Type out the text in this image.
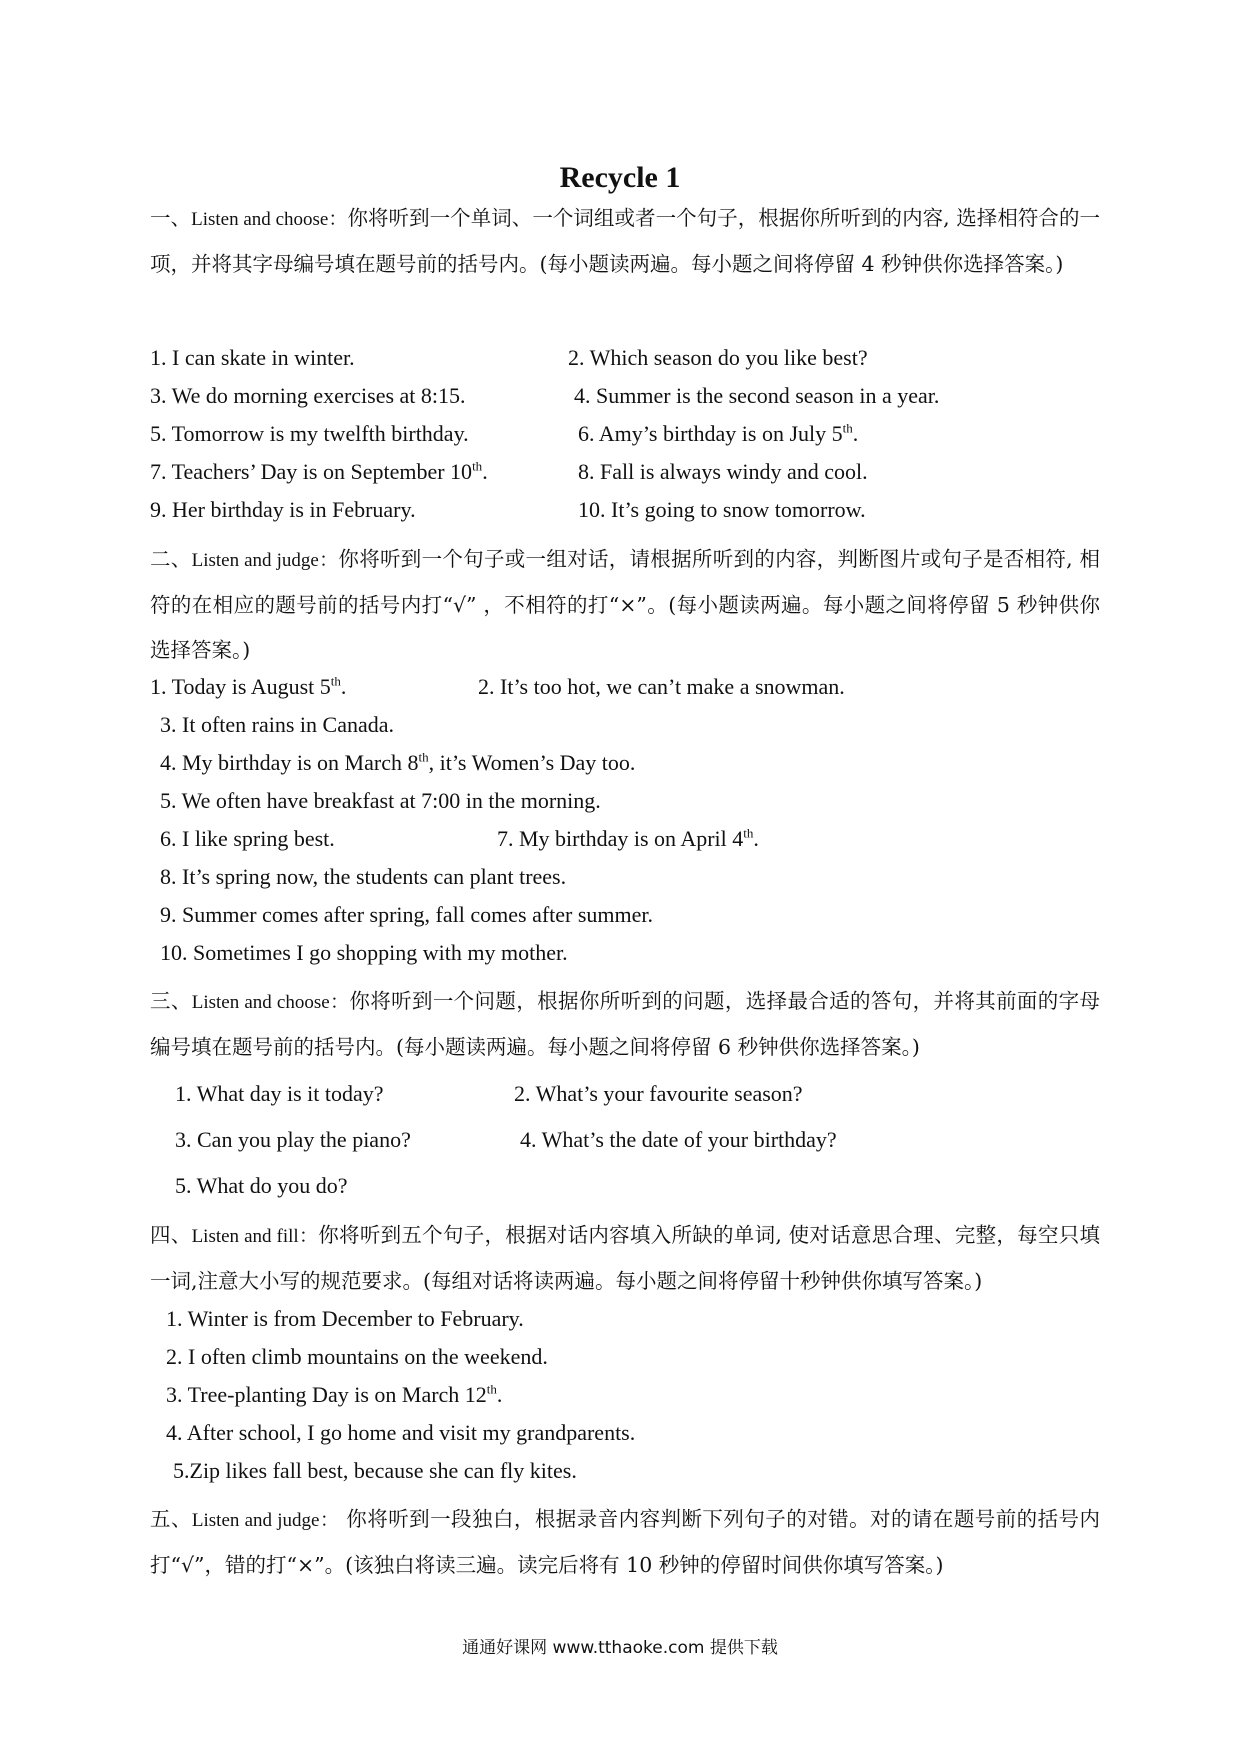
Recycle 1
一、Listen and choose：你将听到一个单词、一个词组或者一个句子，根据你所听到的内容, 选择相符合的一项，并将其字母编号填在题号前的括号内。(每小题读两遍。每小题之间将停留 4 秒钟供你选择答案。)
1. I can skate in winter.	2. Which season do you like best?
3. We do morning exercises at 8:15.	4. Summer is the second season in a year.
5. Tomorrow is my twelfth birthday.	6. Amy’s birthday is on July 5th.
7. Teachers’ Day is on September 10th.	8. Fall is always windy and cool.
9. Her birthday is in February.	10. It’s going to snow tomorrow.
二、Listen and judge：你将听到一个句子或一组对话，请根据所听到的内容，判断图片或句子是否相符, 相符的在相应的题号前的括号内打“√” ，不相符的打“×”。(每小题读两遍。每小题之间将停留 5 秒钟供你选择答案。)
1. Today is August 5th.	2. It’s too hot, we can’t make a snowman.
3. It often rains in Canada.
4. My birthday is on March 8th, it’s Women’s Day too.
5. We often have breakfast at 7:00 in the morning.
6. I like spring best.	7. My birthday is on April 4th.
8. It’s spring now, the students can plant trees.
9. Summer comes after spring, fall comes after summer.
10. Sometimes I go shopping with my mother.
三、Listen and choose：你将听到一个问题，根据你所听到的问题，选择最合适的答句，并将其前面的字母编号填在题号前的括号内。(每小题读两遍。每小题之间将停留 6 秒钟供你选择答案。)
1. What day is it today?	2. What’s your favourite season?
3. Can you play the piano?	4. What’s the date of your birthday?
5. What do you do?
四、Listen and fill：你将听到五个句子，根据对话内容填入所缺的单词, 使对话意思合理、完整，每空只填一词,注意大小写的规范要求。(每组对话将读两遍。每小题之间将停留十秒钟供你填写答案。)
1. Winter is from December to February.
2. I often climb mountains on the weekend.
3. Tree-planting Day is on March 12th.
4. After school, I go home and visit my grandparents.
5.Zip likes fall best, because she can fly kites.
五、Listen and judge： 你将听到一段独白，根据录音内容判断下列句子的对错。对的请在题号前的括号内打“√”，错的打“×”。(该独白将读三遍。读完后将有 10 秒钟的停留时间供你填写答案。)
通通好课网 www.tthaoke.com 提供下载
